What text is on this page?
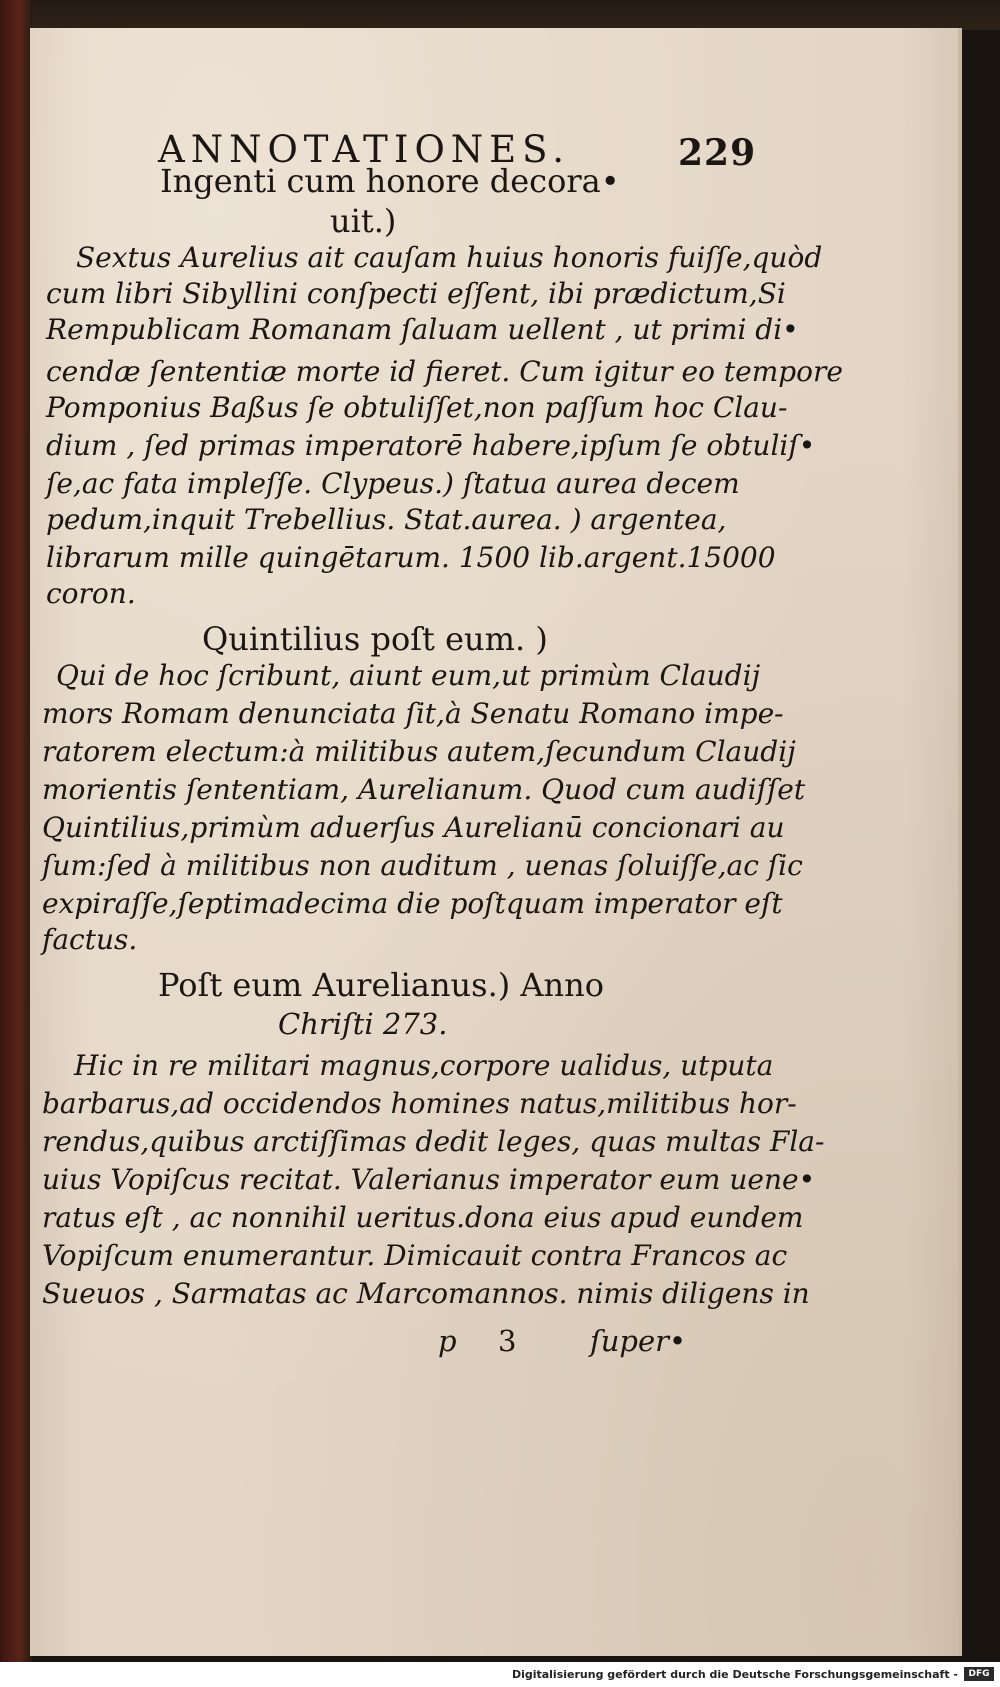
ANNOTATIONES.	229
Ingenti cum honore decora•
uit.)
Sextus Aurelius ait cauſam huius honoris fuiſſe,quòd
cum libri Sibyllini conſpecti eſſent, ibi prædictum,Si
Rempublicam Romanam ſaluam uellent , ut primi di•
cendæ ſententiæ morte id fieret. Cum igitur eo tempore
Pomponius Baßus ſe obtuliſſet,non paſſum hoc Clau-
dium , ſed primas imperatorē habere,ipſum ſe obtuliſ•
ſe,ac fata impleſſe. Clypeus.) ſtatua aurea decem
pedum,inquit Trebellius. Stat.aurea. ) argentea,
librarum mille quingētarum. 1500 lib.argent.15000
coron.
Quintilius poſt eum. )
Qui de hoc ſcribunt, aiunt eum,ut primùm Claudij
mors Romam denunciata ſit,à Senatu Romano impe-
ratorem electum:à militibus autem,ſecundum Claudij
morientis ſententiam, Aurelianum. Quod cum audiſſet
Quintilius,primùm aduerſus Aurelianū concionari au
ſum:ſed à militibus non auditum , uenas ſoluiſſe,ac ſic
expiraſſe,ſeptimadecima die poſtquam imperator eſt
factus.
Poſt eum Aurelianus.) Anno
Chriſti 273.
Hic in re militari magnus,corpore ualidus, utputa
barbarus,ad occidendos homines natus,militibus hor-
rendus,quibus arctiſſimas dedit leges, quas multas Fla-
uius Vopiſcus recitat. Valerianus imperator eum uene•
ratus eſt , ac nonnihil ueritus.dona eius apud eundem
Vopiſcum enumerantur. Dimicauit contra Francos ac
Sueuos , Sarmatas ac Marcomannos. nimis diligens in
p 3	ſuper•
Digitalisierung gefördert durch die Deutsche Forschungsgemeinschaft -	DFG
